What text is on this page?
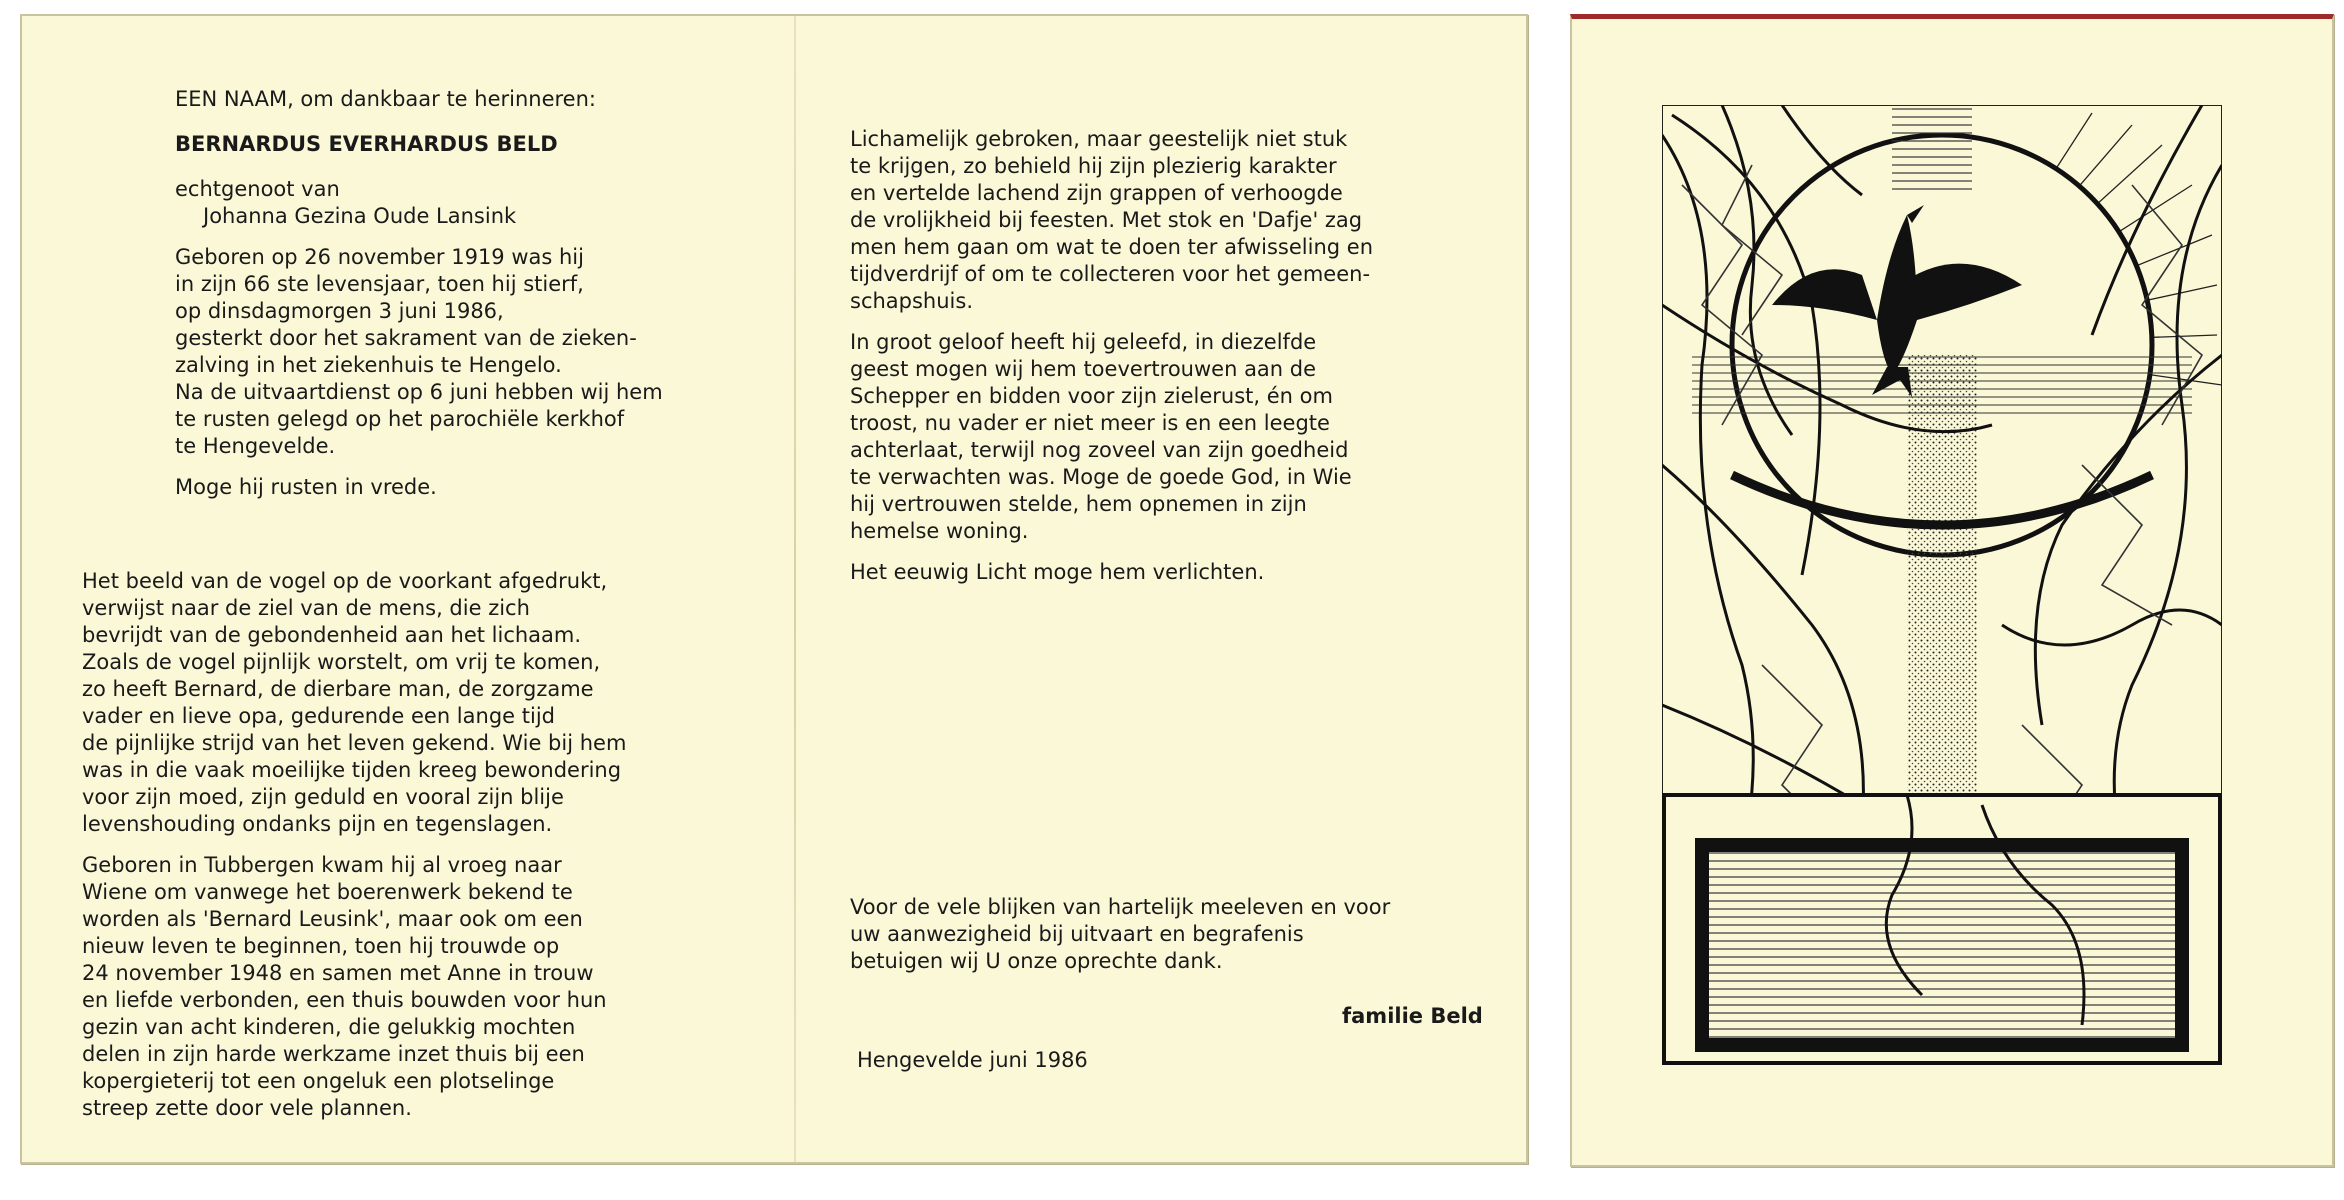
EEN NAAM, om dankbaar te herinneren:

BERNARDUS EVERHARDUS BELD

echtgenoot van

Johanna Gezina Oude Lansink

Geboren op 26 november 1919 was hij

in zijn 66 ste levensjaar, toen hij stierf,

op dinsdagmorgen 3 juni 1986,

gesterkt door het sakrament van de zieken-

zalving in het ziekenhuis te Hengelo.

Na de uitvaartdienst op 6 juni hebben wij hem

te rusten gelegd op het parochiële kerkhof

te Hengevelde.

Moge hij rusten in vrede.

Het beeld van de vogel op de voorkant afgedrukt,

verwijst naar de ziel van de mens, die zich

bevrijdt van de gebondenheid aan het lichaam.

Zoals de vogel pijnlijk worstelt, om vrij te komen,

zo heeft Bernard, de dierbare man, de zorgzame

vader en lieve opa, gedurende een lange tijd

de pijnlijke strijd van het leven gekend. Wie bij hem

was in die vaak moeilijke tijden kreeg bewondering

voor zijn moed, zijn geduld en vooral zijn blije

levenshouding ondanks pijn en tegenslagen.

Geboren in Tubbergen kwam hij al vroeg naar

Wiene om vanwege het boerenwerk bekend te

worden als 'Bernard Leusink', maar ook om een

nieuw leven te beginnen, toen hij trouwde op

24 november 1948 en samen met Anne in trouw

en liefde verbonden, een thuis bouwden voor hun

gezin van acht kinderen, die gelukkig mochten

delen in zijn harde werkzame inzet thuis bij een

kopergieterij tot een ongeluk een plotselinge

streep zette door vele plannen.

Lichamelijk gebroken, maar geestelijk niet stuk

te krijgen, zo behield hij zijn plezierig karakter

en vertelde lachend zijn grappen of verhoogde

de vrolijkheid bij feesten. Met stok en 'Dafje' zag

men hem gaan om wat te doen ter afwisseling en

tijdverdrijf of om te collecteren voor het gemeen-

schapshuis.

In groot geloof heeft hij geleefd, in diezelfde

geest mogen wij hem toevertrouwen aan de

Schepper en bidden voor zijn zielerust, én om

troost, nu vader er niet meer is en een leegte

achterlaat, terwijl nog zoveel van zijn goedheid

te verwachten was. Moge de goede God, in Wie

hij vertrouwen stelde, hem opnemen in zijn

hemelse woning.

Het eeuwig Licht moge hem verlichten.

Voor de vele blijken van hartelijk meeleven en voor

uw aanwezigheid bij uitvaart en begrafenis

betuigen wij U onze oprechte dank.

familie Beld
Hengevelde juni 1986
